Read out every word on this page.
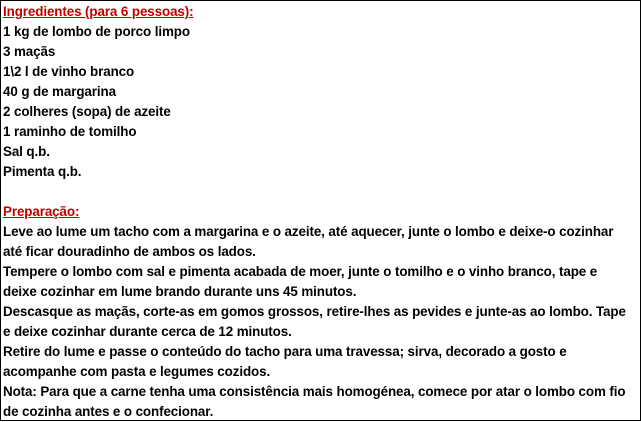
Ingredientes (para 6 pessoas):
1 kg de lombo de porco limpo
3 maçãs
1\2 l de vinho branco
40 g de margarina
2 colheres (sopa) de azeite
1 raminho de tomilho
Sal q.b.
Pimenta q.b.
Preparação:
Leve ao lume um tacho com a margarina e o azeite, até aquecer, junte o lombo e deixe-o cozinhar até ficar douradinho de ambos os lados.
Tempere o lombo com sal e pimenta acabada de moer, junte o tomilho e o vinho branco, tape e deixe cozinhar em lume brando durante uns 45 minutos.
Descasque as maçãs, corte-as em gomos grossos, retire-lhes as pevides e junte-as ao lombo. Tape e deixe cozinhar durante cerca de 12 minutos.
Retire do lume e passe o conteúdo do tacho para uma travessa; sirva, decorado a gosto e acompanhe com pasta e legumes cozidos.
Nota: Para que a carne tenha uma consistência mais homogénea, comece por atar o lombo com fio de cozinha antes e o confecionar.
